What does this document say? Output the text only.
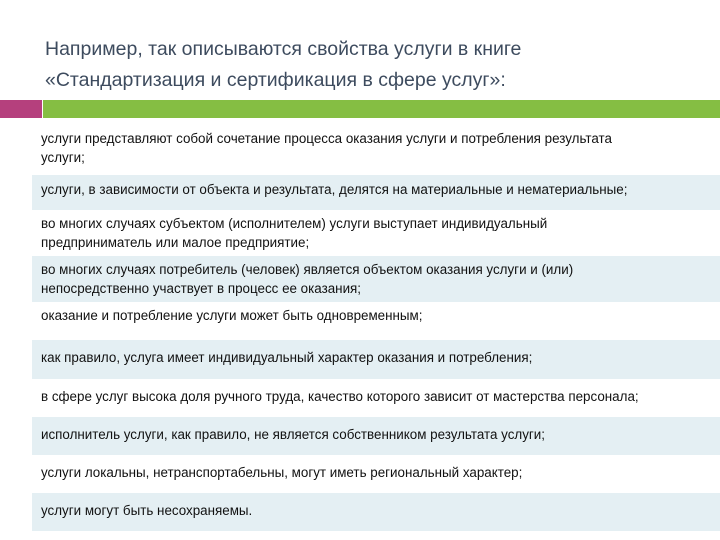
Например, так описываются свойства услуги в книге
«Стандартизация и сертификация в сфере услуг»:
услуги представляют собой сочетание процесса оказания услуги и потребления результата
услуги;
услуги, в зависимости от объекта и результата, делятся на материальные и нематериальные;
во многих случаях субъектом (исполнителем) услуги выступает индивидуальный
предприниматель или малое предприятие;
во многих случаях потребитель (человек) является объектом оказания услуги и (или)
непосредственно участвует в процесс ее оказания;
оказание и потребление услуги может быть одновременным;
как правило, услуга имеет индивидуальный характер оказания и потребления;
в сфере услуг высока доля ручного труда, качество которого зависит от мастерства персонала;
исполнитель услуги, как правило, не является собственником результата услуги;
услуги локальны, нетранспортабельны, могут иметь региональный характер;
услуги могут быть несохраняемы.
